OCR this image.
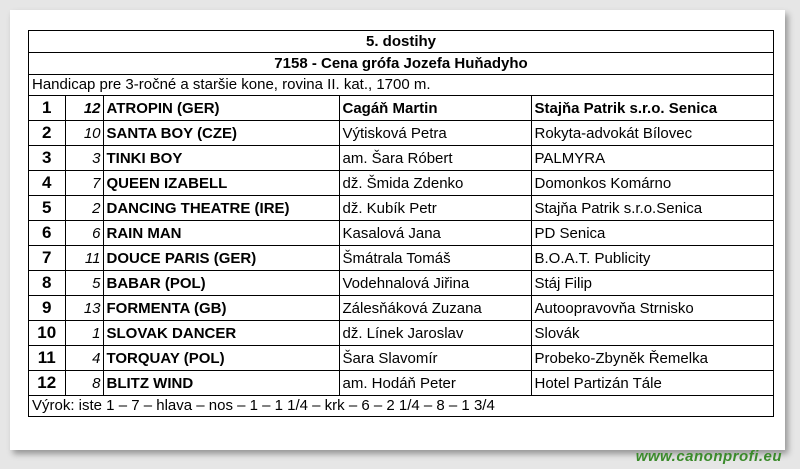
5. dostihy
7158 - Cena grófa Jozefa Huňadyho
Handicap pre 3-ročné a staršie kone, rovina II. kat., 1700 m.
1	12	ATROPIN (GER)	Cagáň Martin	Stajňa Patrik s.r.o. Senica
2	10	SANTA BOY (CZE)	Výtisková Petra	Rokyta-advokát Bílovec
3	3	TINKI BOY	am. Šara Róbert	PALMYRA
4	7	QUEEN IZABELL	dž. Šmida Zdenko	Domonkos Komárno
5	2	DANCING THEATRE (IRE)	dž. Kubík Petr	Stajňa Patrik s.r.o.Senica
6	6	RAIN MAN	Kasalová Jana	PD Senica
7	11	DOUCE PARIS (GER)	Šmátrala Tomáš	B.O.A.T. Publicity
8	5	BABAR (POL)	Vodehnalová Jiřina	Stáj Filip
9	13	FORMENTA (GB)	Zálesňáková Zuzana	Autoopravovňa Strnisko
10	1	SLOVAK DANCER	dž. Línek Jaroslav	Slovák
11	4	TORQUAY (POL)	Šara Slavomír	Probeko-Zbyněk Řemelka
12	8	BLITZ WIND	am. Hodáň Peter	Hotel Partizán Tále
Výrok: iste 1 – 7 – hlava – nos – 1 – 1 1/4 – krk – 6 – 2 1/4 – 8 – 1 3/4
www.canonprofi.eu
